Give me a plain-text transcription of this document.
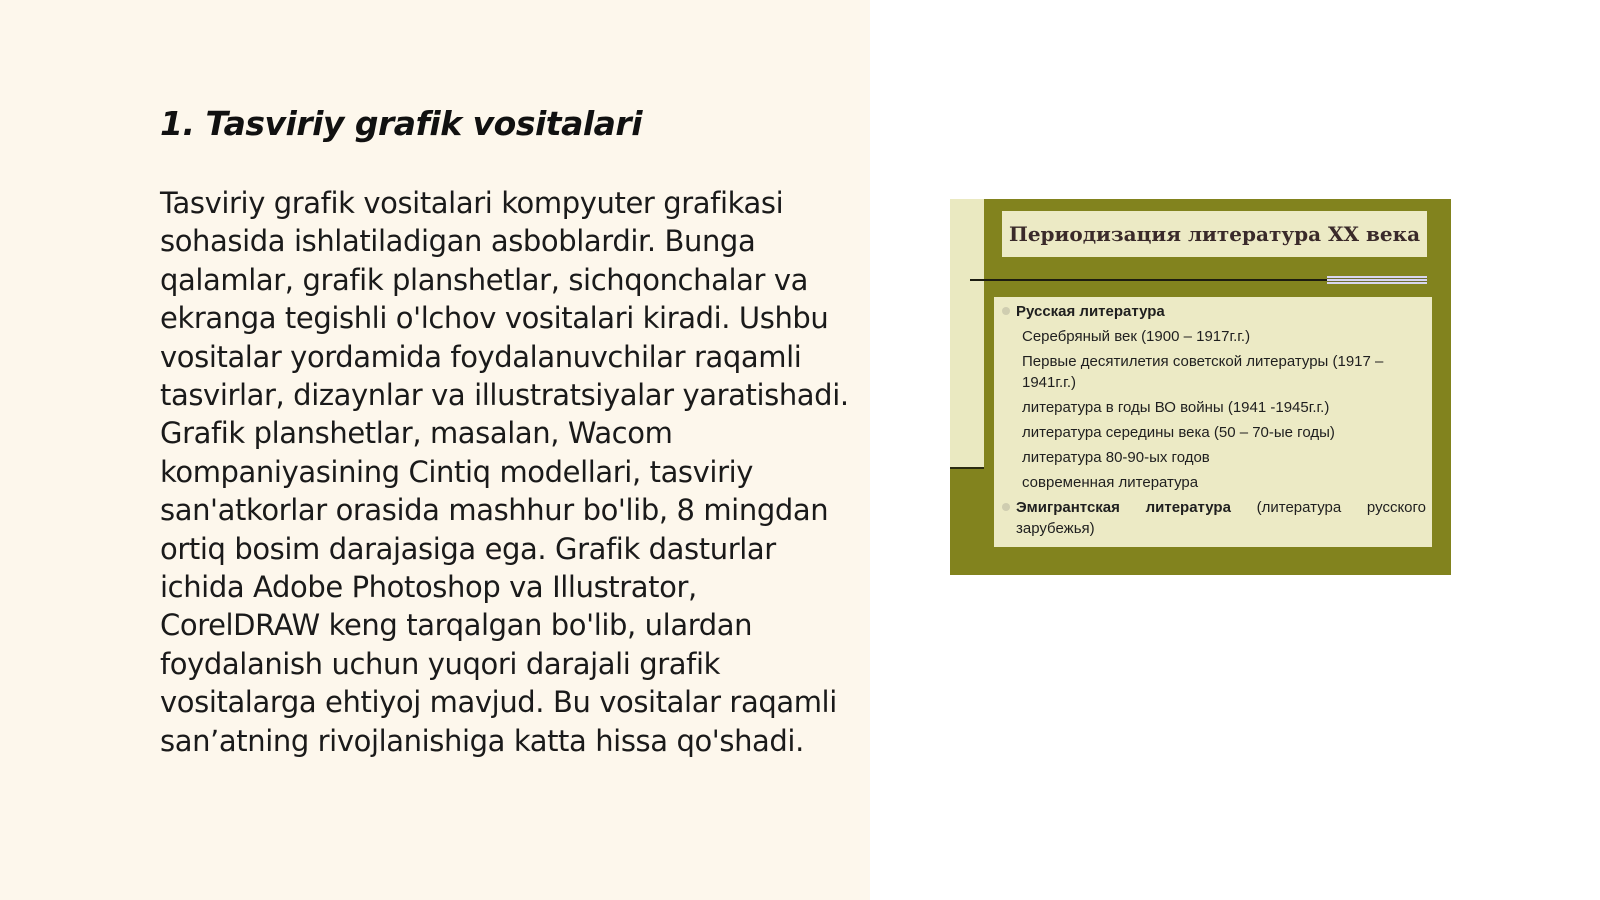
1. Tasviriy grafik vositalari

Tasviriy grafik vositalari kompyuter grafikasi sohasida ishlatiladigan asboblardir. Bunga qalamlar, grafik planshetlar, sichqonchalar va ekranga tegishli o'lchov vositalari kiradi. Ushbu vositalar yordamida foydalanuvchilar raqamli tasvirlar, dizaynlar va illustratsiyalar yaratishadi. Grafik planshetlar, masalan, Wacom kompaniyasining Cintiq modellari, tasviriy san'atkorlar orasida mashhur bo'lib, 8 mingdan ortiq bosim darajasiga ega. Grafik dasturlar ichida Adobe Photoshop va Illustrator, CorelDRAW keng tarqalgan bo'lib, ulardan foydalanish uchun yuqori darajali grafik vositalarga ehtiyoj mavjud. Bu vositalar raqamli san’atning rivojlanishiga katta hissa qo'shadi.

Периодизация литература XX века
Русская литература
Серебряный век (1900 – 1917г.г.)
Первые десятилетия советской литературы (1917 – 1941г.г.)
литература в годы ВО войны (1941 -1945г.г.)
литература середины века (50 – 70-ые годы)
литература 80-90-ых годов
современная литература
Эмигрантская литература (литература русского зарубежья)
